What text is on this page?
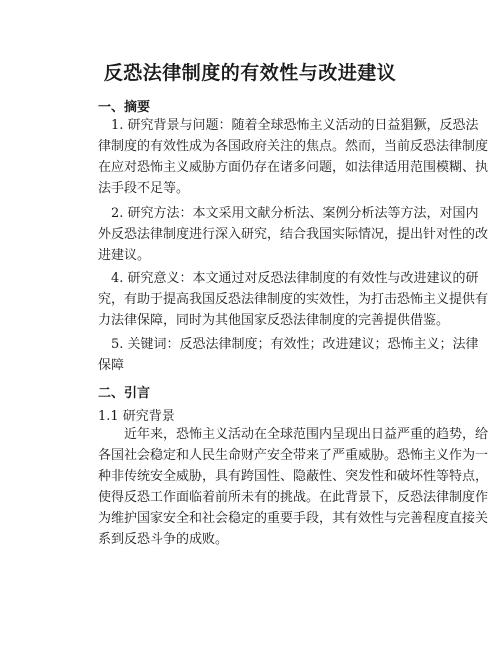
反恐法律制度的有效性与改进建议
一、摘要
　1. 研究背景与问题：随着全球恐怖主义活动的日益猖獗，反恐法
律制度的有效性成为各国政府关注的焦点。然而，当前反恐法律制度
在应对恐怖主义威胁方面仍存在诸多问题，如法律适用范围模糊、执
法手段不足等。
　2. 研究方法：本文采用文献分析法、案例分析法等方法，对国内
外反恐法律制度进行深入研究，结合我国实际情况，提出针对性的改
进建议。
　4. 研究意义：本文通过对反恐法律制度的有效性与改进建议的研
究，有助于提高我国反恐法律制度的实效性，为打击恐怖主义提供有
力法律保障，同时为其他国家反恐法律制度的完善提供借鉴。
　5. 关键词：反恐法律制度；有效性；改进建议；恐怖主义；法律
保障
二、引言
1.1 研究背景
　　近年来，恐怖主义活动在全球范围内呈现出日益严重的趋势，给
各国社会稳定和人民生命财产安全带来了严重威胁。恐怖主义作为一
种非传统安全威胁，具有跨国性、隐蔽性、突发性和破坏性等特点，
使得反恐工作面临着前所未有的挑战。在此背景下，反恐法律制度作
为维护国家安全和社会稳定的重要手段，其有效性与完善程度直接关
系到反恐斗争的成败。
